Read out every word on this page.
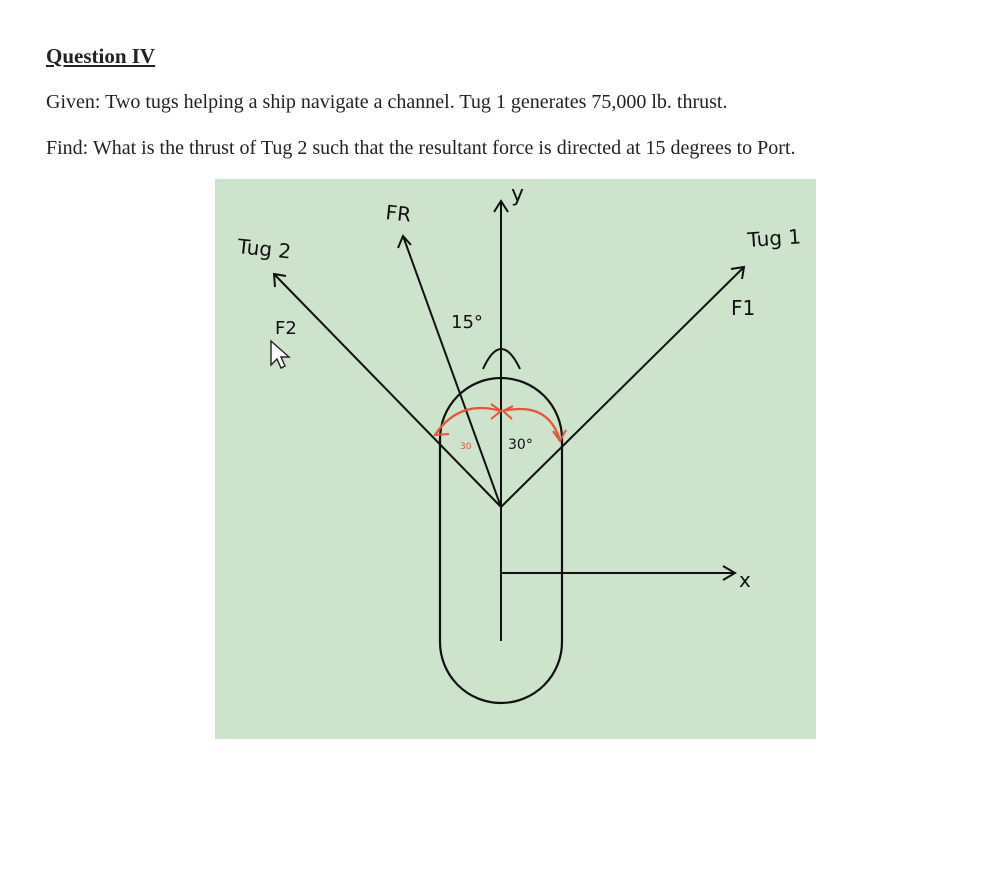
Question IV

Given: Two tugs helping a ship navigate a channel. Tug 1 generates 75,000 lb. thrust.

Find: What is the thrust of Tug 2 such that the resultant force is directed at 15 degrees to Port.

Tug 2
F2
FR
y
Tug 1
F1
x
15°
30°
30
